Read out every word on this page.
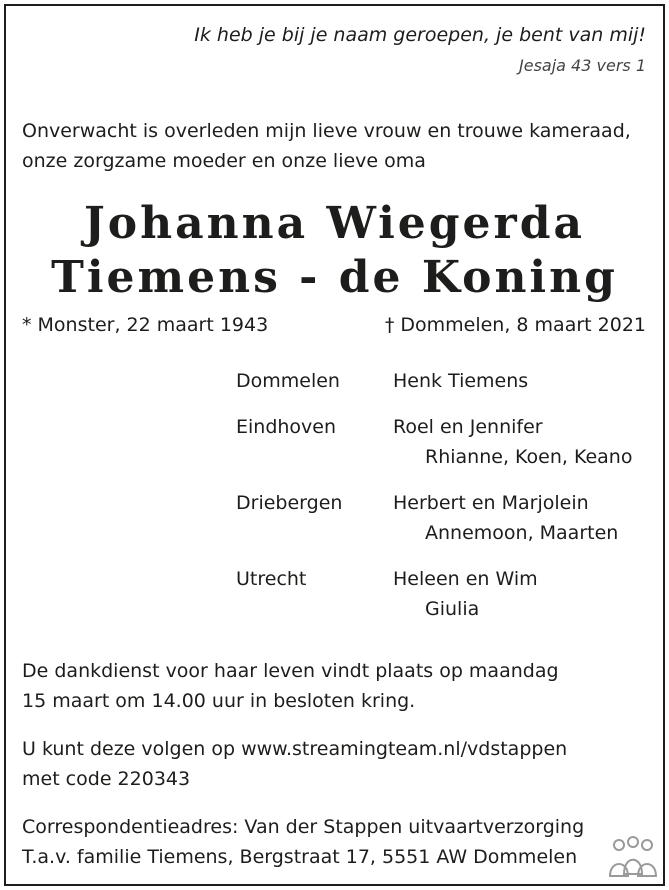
Ik heb je bij je naam geroepen, je bent van mij!
Jesaja 43 vers 1
Onverwacht is overleden mijn lieve vrouw en trouwe kameraad,
onze zorgzame moeder en onze lieve oma
Johanna Wiegerda
Tiemens - de Koning
* Monster, 22 maart 1943	† Dommelen, 8 maart 2021
Dommelen	Henk Tiemens
Eindhoven	Roel en Jennifer
Rhianne, Koen, Keano
Driebergen	Herbert en Marjolein
Annemoon, Maarten
Utrecht	Heleen en Wim
Giulia
De dankdienst voor haar leven vindt plaats op maandag
15 maart om 14.00 uur in besloten kring.
U kunt deze volgen op www.streamingteam.nl/vdstappen
met code 220343
Correspondentieadres: Van der Stappen uitvaartverzorging
T.a.v. familie Tiemens, Bergstraat 17, 5551 AW Dommelen
